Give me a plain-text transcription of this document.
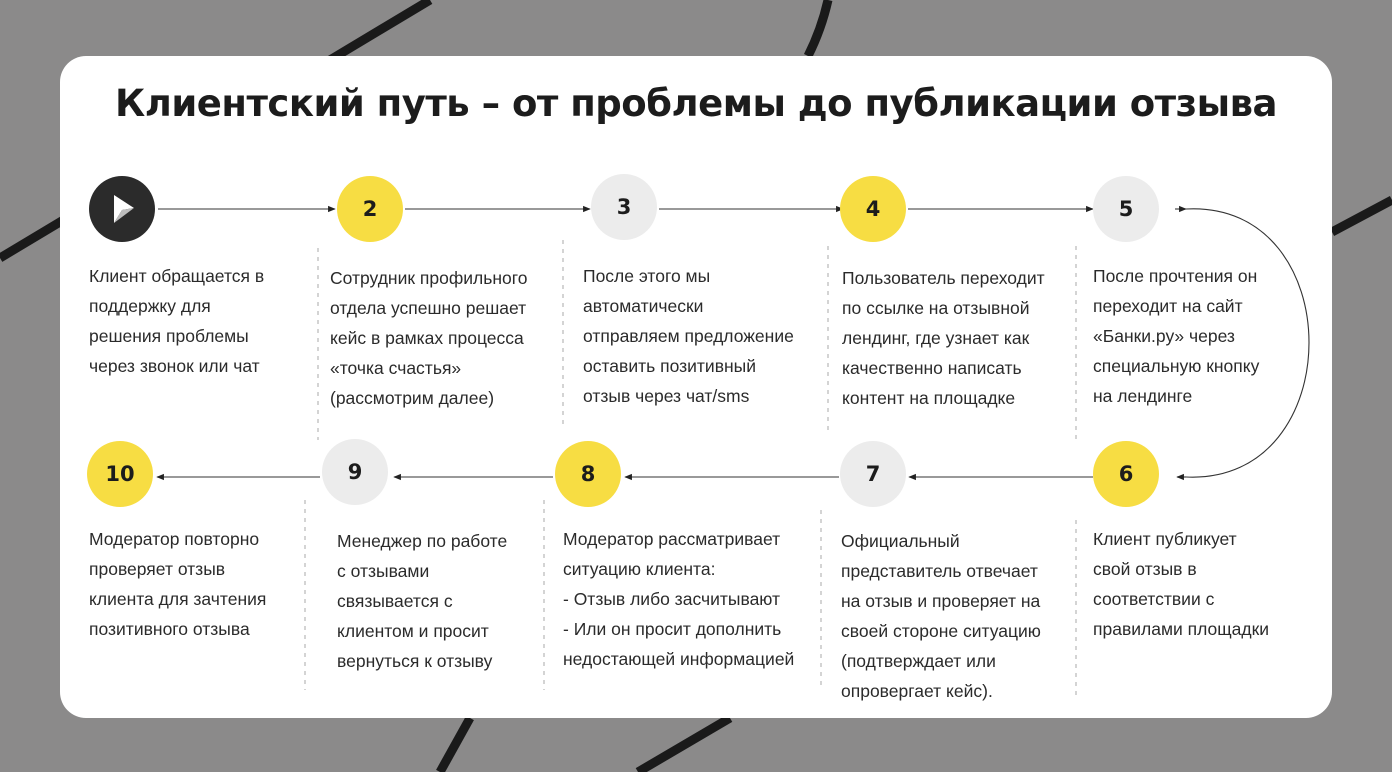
Клиентский путь – от проблемы до публикации отзыва
2	3	4	5
6
7
8
9
10
Клиент обращается в
поддержку для
решения проблемы
через звонок или чат
Сотрудник профильного
отдела успешно решает
кейс в рамках процесса
«точка счастья»
(рассмотрим далее)
После этого мы
автоматически
отправляем предложение
оставить позитивный
отзыв через чат/sms
Пользователь переходит
по ссылке на отзывной
лендинг, где узнает как
качественно написать
контент на площадке
После прочтения он
переходит на сайт
«Банки.ру» через
специальную кнопку
на лендинге
Клиент публикует
свой отзыв в
соответствии с
правилами площадки
Официальный
представитель отвечает
на отзыв и проверяет на
своей стороне ситуацию
(подтверждает или
опровергает кейс).
Модератор рассматривает
ситуацию клиента:
- Отзыв либо засчитывают
- Или он просит дополнить
недостающей информацией
Менеджер по работе
с отзывами
связывается с
клиентом и просит
вернуться к отзыву
Модератор повторно
проверяет отзыв
клиента для зачтения
позитивного отзыва
